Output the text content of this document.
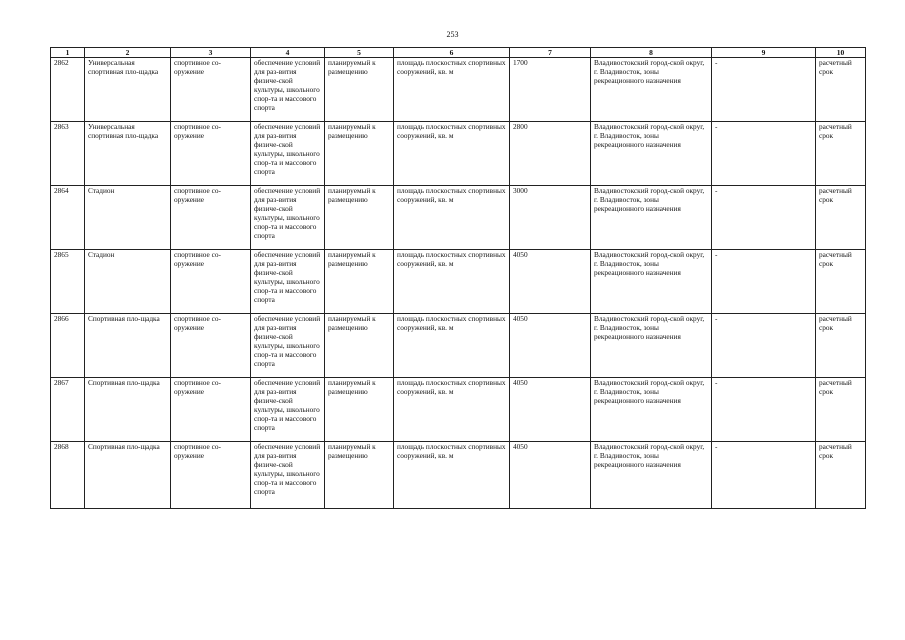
253
1	2	3	4	5	6	7	8	9	10
2862	Универсальная спортивная пло-щадка	спортивное со-оружение	обеспечение условий для раз-вития физиче-ской культуры, школьного спор-та и массового спорта	планируемый к размещению	площадь плоскостных спортивных сооружений, кв. м	1700	Владивостокский город-ской округ, г. Владивосток, зоны рекреационного назначения	-	расчетный срок
2863	Универсальная спортивная пло-щадка	спортивное со-оружение	обеспечение условий для раз-вития физиче-ской культуры, школьного спор-та и массового спорта	планируемый к размещению	площадь плоскостных спортивных сооружений, кв. м	2800	Владивостокский город-ской округ, г. Владивосток, зоны рекреационного назначения	-	расчетный срок
2864	Стадион	спортивное со-оружение	обеспечение условий для раз-вития физиче-ской культуры, школьного спор-та и массового спорта	планируемый к размещению	площадь плоскостных спортивных сооружений, кв. м	3000	Владивостокский город-ской округ, г. Владивосток, зоны рекреационного назначения	-	расчетный срок
2865	Стадион	спортивное со-оружение	обеспечение условий для раз-вития физиче-ской культуры, школьного спор-та и массового спорта	планируемый к размещению	площадь плоскостных спортивных сооружений, кв. м	4050	Владивостокский город-ской округ, г. Владивосток, зоны рекреационного назначения	-	расчетный срок
2866	Спортивная пло-щадка	спортивное со-оружение	обеспечение условий для раз-вития физиче-ской культуры, школьного спор-та и массового спорта	планируемый к размещению	площадь плоскостных спортивных сооружений, кв. м	4050	Владивостокский город-ской округ, г. Владивосток, зоны рекреационного назначения	-	расчетный срок
2867	Спортивная пло-щадка	спортивное со-оружение	обеспечение условий для раз-вития физиче-ской культуры, школьного спор-та и массового спорта	планируемый к размещению	площадь плоскостных спортивных сооружений, кв. м	4050	Владивостокский город-ской округ, г. Владивосток, зоны рекреационного назначения	-	расчетный срок
2868	Спортивная пло-щадка	спортивное со-оружение	обеспечение условий для раз-вития физиче-ской культуры, школьного спор-та и массового спорта	планируемый к размещению	площадь плоскостных спортивных сооружений, кв. м	4050	Владивостокский город-ской округ, г. Владивосток, зоны рекреационного назначения	-	расчетный срок
